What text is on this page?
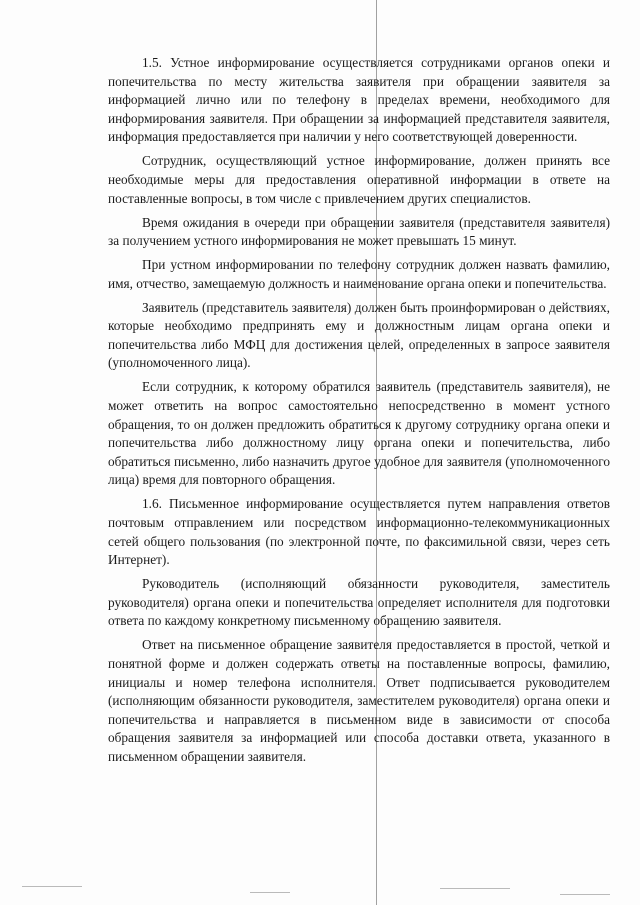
1.5. Устное информирование осуществляется сотрудниками органов опеки и попечительства по месту жительства заявителя при обращении заявителя за информацией лично или по телефону в пределах времени, необходимого для информирования заявителя. При обращении за информацией представителя заявителя, информация предоставляется при наличии у него соответствующей доверенности.

Сотрудник, осуществляющий устное информирование, должен принять все необходимые меры для предоставления оперативной информации в ответе на поставленные вопросы, в том числе с привлечением других специалистов.

Время ожидания в очереди при обращении заявителя (представителя заявителя) за получением устного информирования не может превышать 15 минут.

При устном информировании по телефону сотрудник должен назвать фамилию, имя, отчество, замещаемую должность и наименование органа опеки и попечительства.

Заявитель (представитель заявителя) должен быть проинформирован о действиях, которые необходимо предпринять ему и должностным лицам органа опеки и попечительства либо МФЦ для достижения целей, определенных в запросе заявителя (уполномоченного лица).

Если сотрудник, к которому обратился заявитель (представитель заявителя), не может ответить на вопрос самостоятельно непосредственно в момент устного обращения, то он должен предложить обратиться к другому сотруднику органа опеки и попечительства либо должностному лицу органа опеки и попечительства, либо обратиться письменно, либо назначить другое удобное для заявителя (уполномоченного лица) время для повторного обращения.

1.6. Письменное информирование осуществляется путем направления ответов почтовым отправлением или посредством информационно-телекоммуникационных сетей общего пользования (по электронной почте, по факсимильной связи, через сеть Интернет).

Руководитель (исполняющий обязанности руководителя, заместитель руководителя) органа опеки и попечительства определяет исполнителя для подготовки ответа по каждому конкретному письменному обращению заявителя.

Ответ на письменное обращение заявителя предоставляется в простой, четкой и понятной форме и должен содержать ответы на поставленные вопросы, фамилию, инициалы и номер телефона исполнителя. Ответ подписывается руководителем (исполняющим обязанности руководителя, заместителем руководителя) органа опеки и попечительства и направляется в письменном виде в зависимости от способа обращения заявителя за информацией или способа доставки ответа, указанного в письменном обращении заявителя.
